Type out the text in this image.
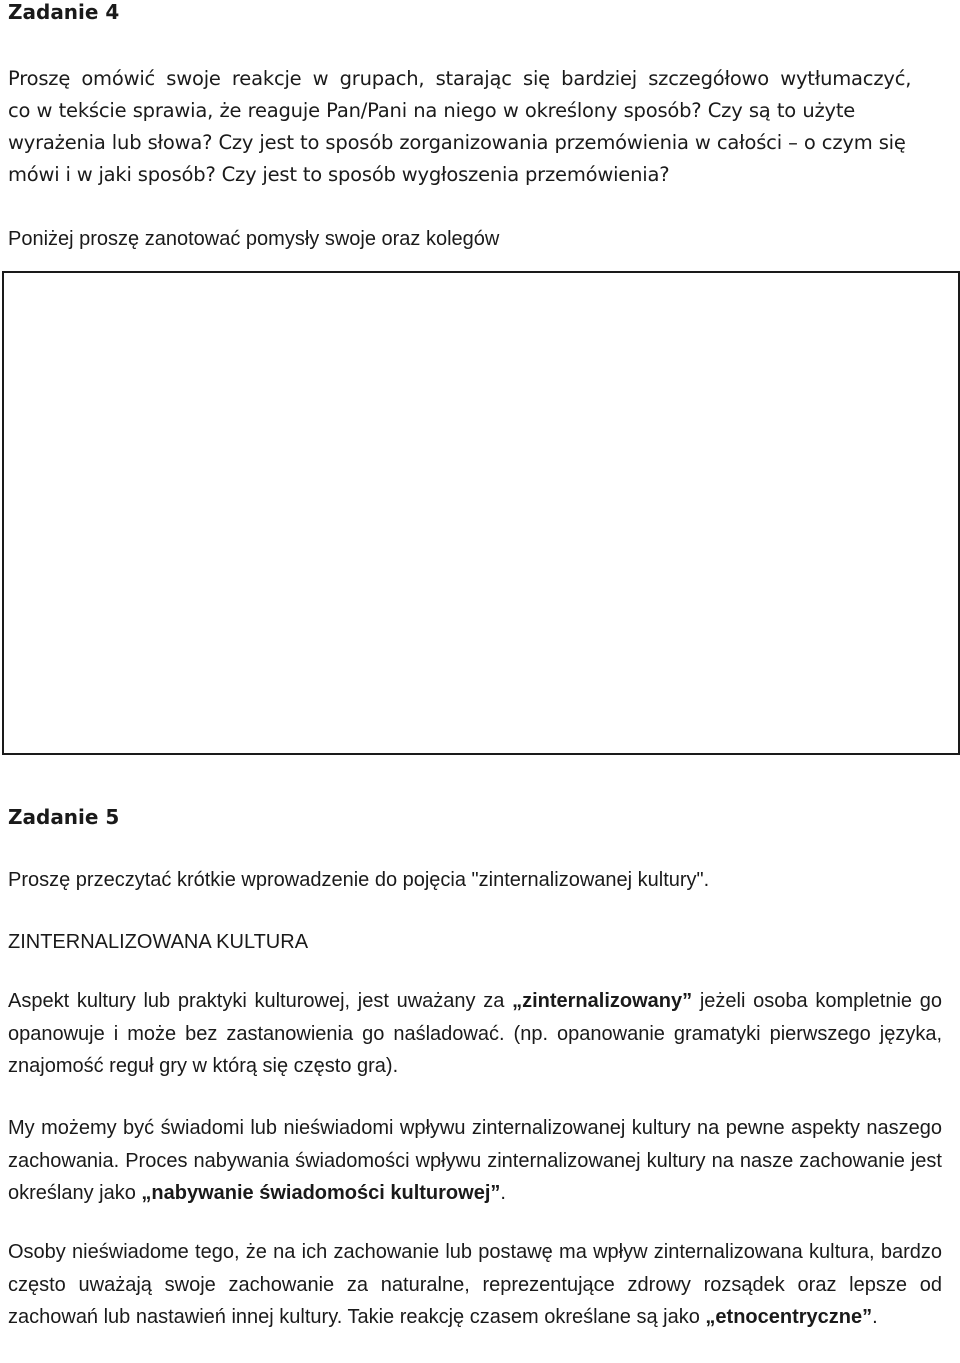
Zadanie 4

Proszę omówić swoje reakcje w grupach, starając się bardziej szczegółowo wytłumaczyć,

co w tekście sprawia, że reaguje Pan/Pani na niego w określony sposób? Czy są to użyte

wyrażenia lub słowa? Czy jest to sposób zorganizowania przemówienia w całości – o czym się

mówi i w jaki sposób? Czy jest to sposób wygłoszenia przemówienia?

Poniżej proszę zanotować pomysły swoje oraz kolegów

Zadanie 5

Proszę przeczytać krótkie wprowadzenie do pojęcia "zinternalizowanej kultury".

ZINTERNALIZOWANA KULTURA

Aspekt kultury lub praktyki kulturowej, jest uważany za „zinternalizowany” jeżeli osoba kompletnie go opanowuje i może bez zastanowienia go naśladować. (np. opanowanie gramatyki pierwszego języka, znajomość reguł gry w którą się często gra).

My możemy być świadomi lub nieświadomi wpływu zinternalizowanej kultury na pewne aspekty naszego zachowania. Proces nabywania świadomości wpływu zinternalizowanej kultury na nasze zachowanie jest określany jako „nabywanie świadomości kulturowej”.

Osoby nieświadome tego, że na ich zachowanie lub postawę ma wpływ zinternalizowana kultura, bardzo często uważają swoje zachowanie za naturalne, reprezentujące zdrowy rozsądek oraz lepsze od zachowań lub nastawień innej kultury. Takie reakcję czasem określane są jako „etnocentryczne”.
